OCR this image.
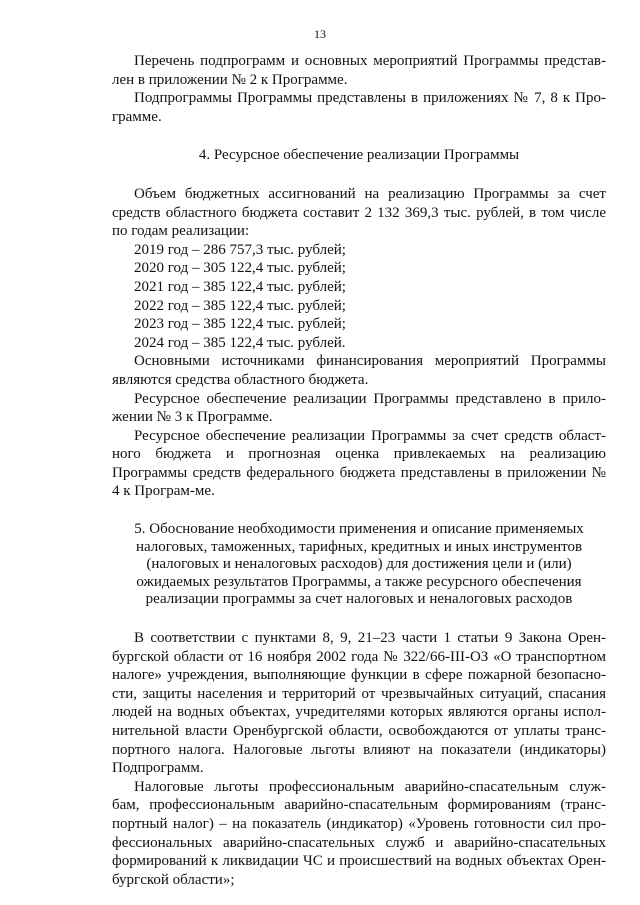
13

Перечень подпрограмм и основных мероприятий Программы представ-лен в приложении № 2 к Программе.

Подпрограммы Программы представлены в приложениях № 7, 8 к Про-грамме.

4. Ресурсное обеспечение реализации Программы

Объем бюджетных ассигнований на реализацию Программы за счет средств областного бюджета составит 2 132 369,3 тыс. рублей, в том числе по годам реализации:

2019 год – 286 757,3 тыс. рублей;
2020 год – 305 122,4 тыс. рублей;
2021 год – 385 122,4 тыс. рублей;
2022 год – 385 122,4 тыс. рублей;
2023 год – 385 122,4 тыс. рублей;
2024 год – 385 122,4 тыс. рублей.

Основными источниками финансирования мероприятий Программы являются средства областного бюджета.

Ресурсное обеспечение реализации Программы представлено в прило-жении № 3 к Программе.

Ресурсное обеспечение реализации Программы за счет средств област-ного бюджета и прогнозная оценка привлекаемых на реализацию Программы средств федерального бюджета представлены в приложении № 4 к Програм-ме.

5. Обоснование необходимости применения и описание применяемых
налоговых, таможенных, тарифных, кредитных и иных инструментов
(налоговых и неналоговых расходов) для достижения цели и (или)
ожидаемых результатов Программы, а также ресурсного обеспечения
реализации программы за счет налоговых и неналоговых расходов

В соответствии с пунктами 8, 9, 21–23 части 1 статьи 9 Закона Орен-бургской области от 16 ноября 2002 года № 322/66-III-ОЗ «О транспортном налоге» учреждения, выполняющие функции в сфере пожарной безопасно-сти, защиты населения и территорий от чрезвычайных ситуаций, спасания людей на водных объектах, учредителями которых являются органы испол-нительной власти Оренбургской области, освобождаются от уплаты транс-портного налога. Налоговые льготы влияют на показатели (индикаторы) Подпрограмм.

Налоговые льготы профессиональным аварийно-спасательным служ-бам, профессиональным аварийно-спасательным формированиям (транс-портный налог) – на показатель (индикатор) «Уровень готовности сил про-фессиональных аварийно-спасательных служб и аварийно-спасательных формирований к ликвидации ЧС и происшествий на водных объектах Орен-бургской области»;
